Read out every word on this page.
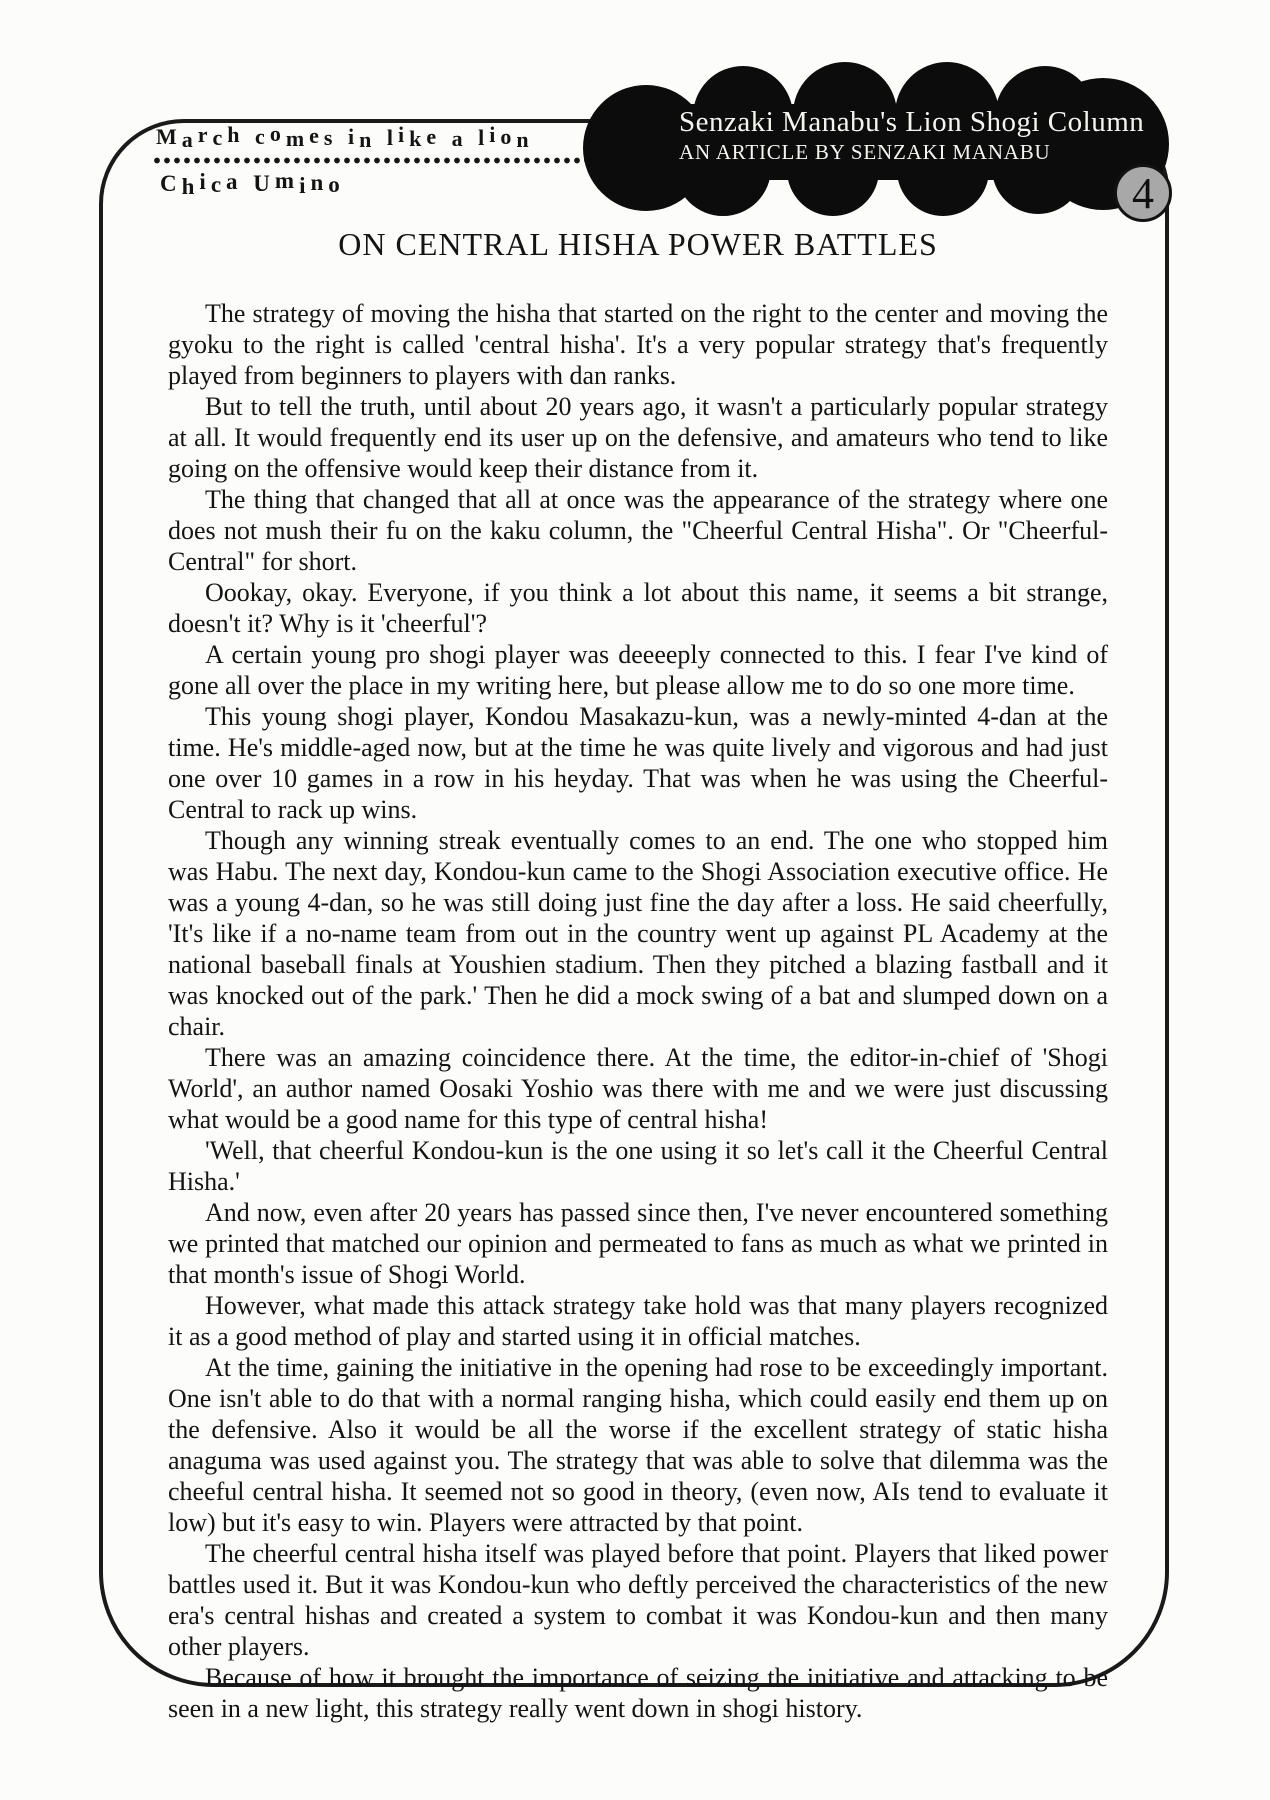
March comes in like a lion
Chica Umino
Senzaki Manabu's Lion Shogi Column
AN ARTICLE BY SENZAKI MANABU
4
ON CENTRAL HISHA POWER BATTLES

The strategy of moving the hisha that started on the right to the center and moving the gyoku to the right is called 'central hisha'. It's a very popular strategy that's frequently played from beginners to players with dan ranks.

But to tell the truth, until about 20 years ago, it wasn't a particularly popular strategy at all. It would frequently end its user up on the defensive, and amateurs who tend to like going on the offensive would keep their distance from it.

The thing that changed that all at once was the appearance of the strategy where one does not mush their fu on the kaku column, the "Cheerful Central Hisha". Or "Cheerful-Central" for short.

Oookay, okay. Everyone, if you think a lot about this name, it seems a bit strange, doesn't it? Why is it 'cheerful'?

A certain young pro shogi player was deeeeply connected to this. I fear I've kind of gone all over the place in my writing here, but please allow me to do so one more time.

This young shogi player, Kondou Masakazu-kun, was a newly-minted 4-dan at the time. He's middle-aged now, but at the time he was quite lively and vigorous and had just one over 10 games in a row in his heyday. That was when he was using the Cheerful-Central to rack up wins.

Though any winning streak eventually comes to an end. The one who stopped him was Habu. The next day, Kondou-kun came to the Shogi Association executive office. He was a young 4-dan, so he was still doing just fine the day after a loss. He said cheerfully, 'It's like if a no-name team from out in the country went up against PL Academy at the national baseball finals at Youshien stadium. Then they pitched a blazing fastball and it was knocked out of the park.' Then he did a mock swing of a bat and slumped down on a chair.

There was an amazing coincidence there. At the time, the editor-in-chief of 'Shogi World', an author named Oosaki Yoshio was there with me and we were just discussing what would be a good name for this type of central hisha!

'Well, that cheerful Kondou-kun is the one using it so let's call it the Cheerful Central Hisha.'

And now, even after 20 years has passed since then, I've never encountered something we printed that matched our opinion and permeated to fans as much as what we printed in that month's issue of Shogi World.

However, what made this attack strategy take hold was that many players recognized it as a good method of play and started using it in official matches.

At the time, gaining the initiative in the opening had rose to be exceedingly important. One isn't able to do that with a normal ranging hisha, which could easily end them up on the defensive. Also it would be all the worse if the excellent strategy of static hisha anaguma was used against you. The strategy that was able to solve that dilemma was the cheeful central hisha. It seemed not so good in theory, (even now, AIs tend to evaluate it low) but it's easy to win. Players were attracted by that point.

The cheerful central hisha itself was played before that point. Players that liked power battles used it. But it was Kondou-kun who deftly perceived the characteristics of the new era's central hishas and created a system to combat it was Kondou-kun and then many other players.

Because of how it brought the importance of seizing the initiative and attacking to be seen in a new light, this strategy really went down in shogi history.
